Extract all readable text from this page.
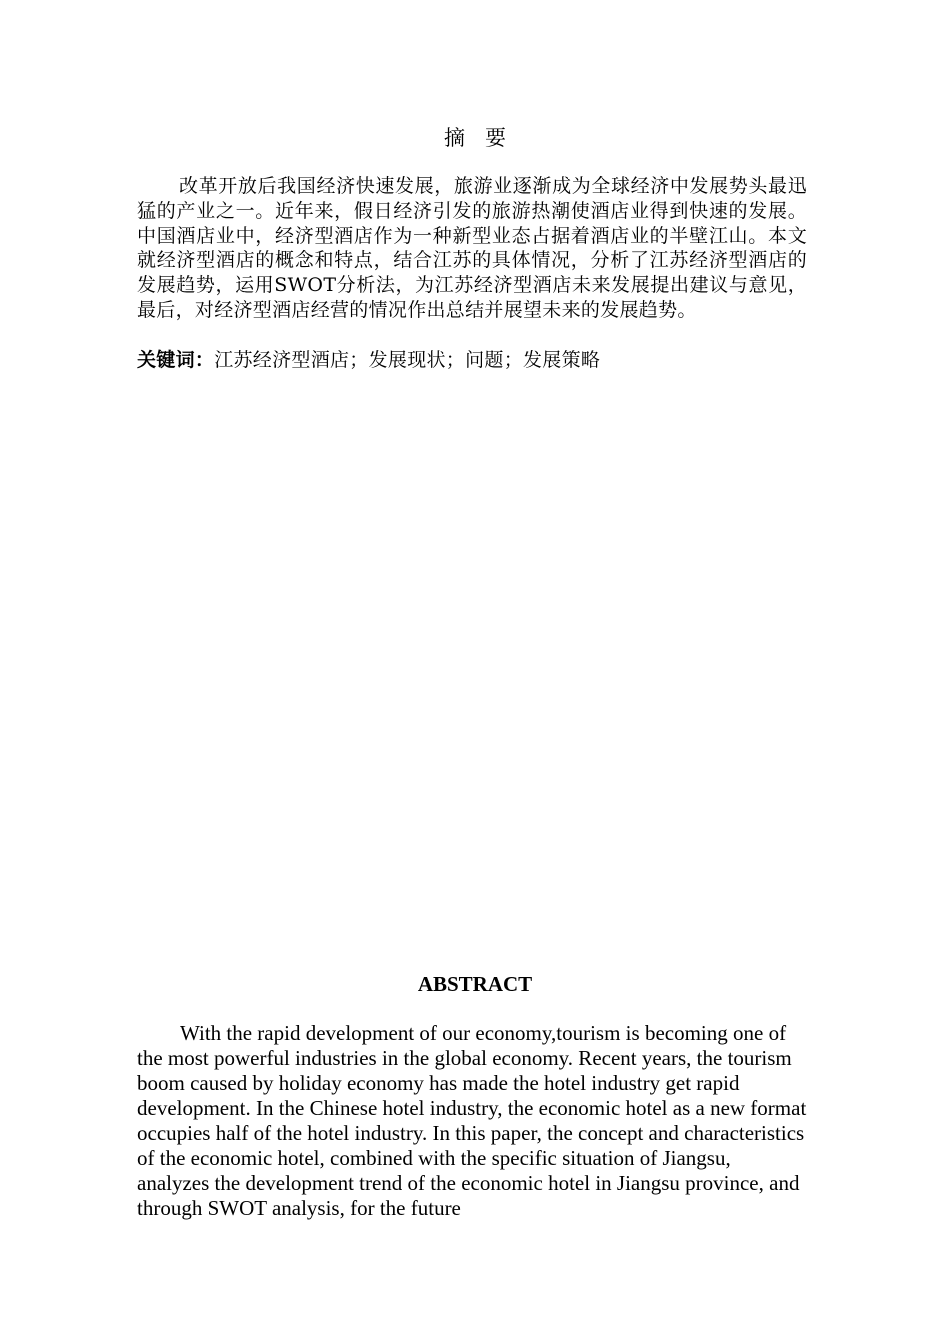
摘要

改革开放后我国经济快速发展，旅游业逐渐成为全球经济中发展势头最迅猛的产业之一。近年来，假日经济引发的旅游热潮使酒店业得到快速的发展。中国酒店业中，经济型酒店作为一种新型业态占据着酒店业的半壁江山。本文就经济型酒店的概念和特点，结合江苏的具体情况，分析了江苏经济型酒店的发展趋势，运用SWOT分析法，为江苏经济型酒店未来发展提出建议与意见，最后，对经济型酒店经营的情况作出总结并展望未来的发展趋势。

关键词：江苏经济型酒店；发展现状；问题；发展策略

ABSTRACT

With the rapid development of our economy,tourism is becoming one of the most powerful industries in the global economy. Recent years, the tourism boom caused by holiday economy has made the hotel industry get rapid development. In the Chinese hotel industry, the economic hotel as a new format occupies half of the hotel industry. In this paper, the concept and characteristics of the economic hotel, combined with the specific situation of Jiangsu, analyzes the development trend of the economic hotel in Jiangsu province, and through SWOT analysis, for the future
